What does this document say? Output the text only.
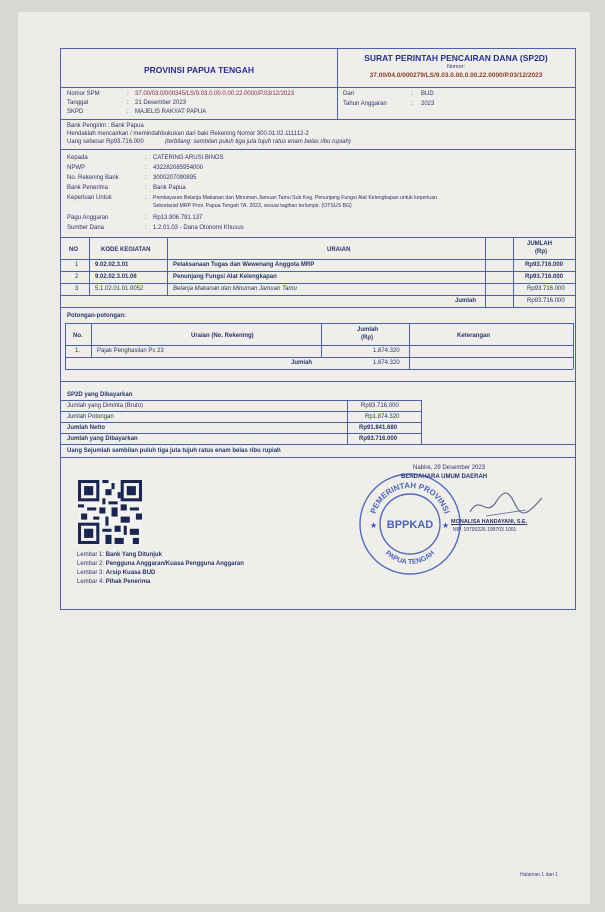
PROVINSI PAPUA TENGAH
SURAT PERINTAH PENCAIRAN DANA (SP2D)
Nomor:
37.00/04.0/000279/LS/9.03.0.00.0.00.22.0000/P.03/12/2023
Nomor SPM	: 37.00/03.0/000345/LS/9.03.0.00.0.00.22.0000/P.03/12/2023
Tanggal	: 21 Desember 2023
SKPD	: MAJELIS RAKYAT PAPUA
Dari	: BUD
Tahun Anggaran	: 2023
Bank Pengirim : Bank Papua
Hendaklah mencairkan / memindahbukukan dari baki Rekening Nomor 300.01.02.111112-2
Uang sebesar Rp93.716.000	(terbilang: sembilan puluh tiga juta tujuh ratus enam belas ribu rupiah)
Kepada	: CATERING ARUSI BINOS
NPWP	: 432282085954000
No. Rekening Bank	: 3000207090895
Bank Penerima	: Bank Papua
Keperluan Untuk	: Pembayaran Belanja Makanan dan Minuman Jamuan Tamu Sub Keg. Penunjang Fungsi Alat Kelengkapan untuk keperluan
Sekretariat MRP Prov. Papua Tengah TA. 2023, sesuai tagihan terlampir. (OTSUS BG)
Pagu Anggaran	: Rp13.906.791.137
Sumber Dana	: 1.2.01.03 - Dana Otonomi Khusus
NO	KODE KEGIATAN	URAIAN
JUMLAH
(Rp)
1	9.02.02.3.01	Pelaksanaan Tugas dan Wewenang Anggota MRP	Rp93.716.000
2	9.02.02.3.01.06	Penunjang Fungsi Alat Kelengkapan	Rp93.716.000
3	5.1.02.01.01.0052	Belanja Makanan dan Minuman Jamuan Tamu	Rp93.716.000
Jumlah	Rp93.716.000
Potongan-potongan:
No.	Uraian (No. Rekening)
Jumlah
(Rp)	Keterangan
1.	Pajak Penghasilan Ps 23	1.874.320
Jumlah	1.874.320
SP2D yang Dibayarkan
Jumlah yang Diminta (Bruto)	Rp93.716.000
Jumlah Potongan	Rp1.874.320
Jumlah Netto	Rp91.841.680
Jumlah yang Dibayarkan	Rp93.716.000
Uang Sejumlah sembilan puluh tiga juta tujuh ratus enam belas ribu rupiah
Nabire, 29 Desember 2023
BENDAHARA UMUM DAERAH
MONALISA HANDAYANI, S.E.
NIP. 19790226 199703 1001
Lembar 1: Bank Yang Ditunjuk
Lembar 2: Pengguna Anggaran/Kuasa Pengguna Anggaran
Lembar 3: Arsip Kuasa BUD
Lembar 4: Pihak Penerima
PEMERINTAH PROVINSI
PAPUA TENGAH
BPPKAD
★	★
Halaman 1 dari 1
